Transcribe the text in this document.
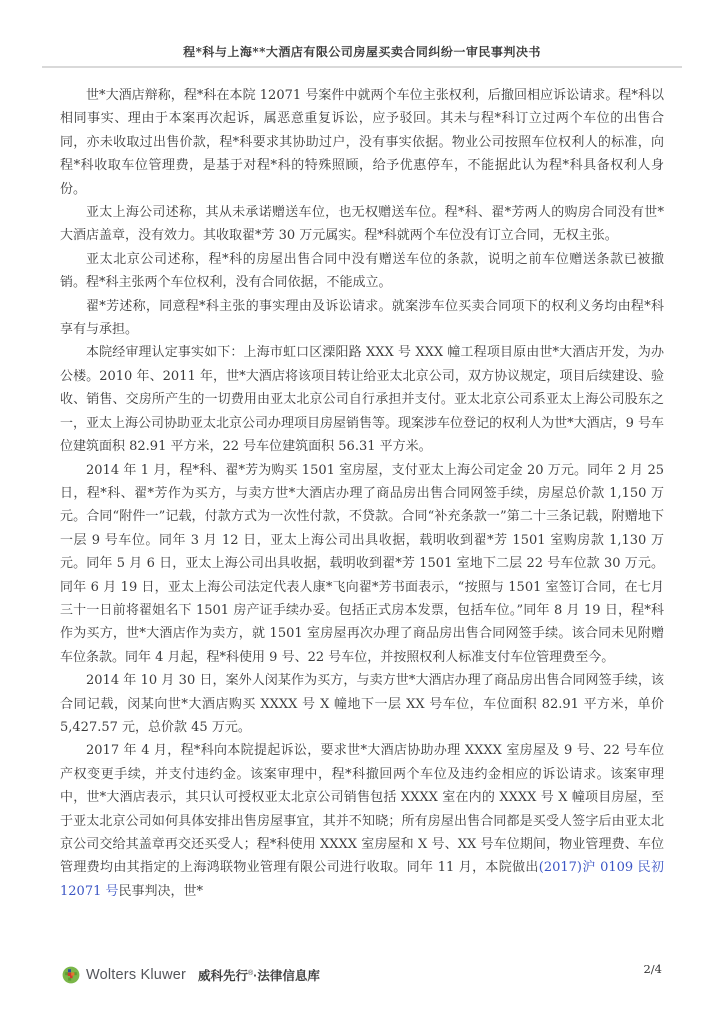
程*科与上海**大酒店有限公司房屋买卖合同纠纷一审民事判决书

世*大酒店辩称，程*科在本院 12071 号案件中就两个车位主张权利，后撤回相应诉讼请求。程*科以相同事实、理由于本案再次起诉，属恶意重复诉讼，应予驳回。其未与程*科订立过两个车位的出售合同，亦未收取过出售价款，程*科要求其协助过户，没有事实依据。物业公司按照车位权利人的标准，向程*科收取车位管理费，是基于对程*科的特殊照顾，给予优惠停车，不能据此认为程*科具备权利人身份。

亚太上海公司述称，其从未承诺赠送车位，也无权赠送车位。程*科、翟*芳两人的购房合同没有世*大酒店盖章，没有效力。其收取翟*芳 30 万元属实。程*科就两个车位没有订立合同，无权主张。

亚太北京公司述称，程*科的房屋出售合同中没有赠送车位的条款，说明之前车位赠送条款已被撤销。程*科主张两个车位权利，没有合同依据，不能成立。

翟*芳述称，同意程*科主张的事实理由及诉讼请求。就案涉车位买卖合同项下的权利义务均由程*科享有与承担。

本院经审理认定事实如下：上海市虹口区溧阳路 XXX 号 XXX 幢工程项目原由世*大酒店开发，为办公楼。2010 年、2011 年，世*大酒店将该项目转让给亚太北京公司，双方协议规定，项目后续建设、验收、销售、交房所产生的一切费用由亚太北京公司自行承担并支付。亚太北京公司系亚太上海公司股东之一，亚太上海公司协助亚太北京公司办理项目房屋销售等。现案涉车位登记的权利人为世*大酒店，9 号车位建筑面积 82.91 平方米，22 号车位建筑面积 56.31 平方米。

2014 年 1 月，程*科、翟*芳为购买 1501 室房屋，支付亚太上海公司定金 20 万元。同年 2 月 25 日，程*科、翟*芳作为买方，与卖方世*大酒店办理了商品房出售合同网签手续，房屋总价款 1,150 万元。合同“附件一”记载，付款方式为一次性付款，不贷款。合同“补充条款一”第二十三条记载，附赠地下一层 9 号车位。同年 3 月 12 日，亚太上海公司出具收据，载明收到翟*芳 1501 室购房款 1,130 万元。同年 5 月 6 日，亚太上海公司出具收据，载明收到翟*芳 1501 室地下二层 22 号车位款 30 万元。同年 6 月 19 日，亚太上海公司法定代表人康*飞向翟*芳书面表示，“按照与 1501 室签订合同，在七月三十一日前将翟姐名下 1501 房产证手续办妥。包括正式房本发票，包括车位。”同年 8 月 19 日，程*科作为买方，世*大酒店作为卖方，就 1501 室房屋再次办理了商品房出售合同网签手续。该合同未见附赠车位条款。同年 4 月起，程*科使用 9 号、22 号车位，并按照权利人标准支付车位管理费至今。

2014 年 10 月 30 日，案外人闵某作为买方，与卖方世*大酒店办理了商品房出售合同网签手续，该合同记载，闵某向世*大酒店购买 XXXX 号 X 幢地下一层 XX 号车位，车位面积 82.91 平方米，单价 5,427.57 元，总价款 45 万元。

2017 年 4 月，程*科向本院提起诉讼，要求世*大酒店协助办理 XXXX 室房屋及 9 号、22 号车位产权变更手续，并支付违约金。该案审理中，程*科撤回两个车位及违约金相应的诉讼请求。该案审理中，世*大酒店表示，其只认可授权亚太北京公司销售包括 XXXX 室在内的 XXXX 号 X 幢项目房屋，至于亚太北京公司如何具体安排出售房屋事宜，其并不知晓；所有房屋出售合同都是买受人签字后由亚太北京公司交给其盖章再交还买受人；程*科使用 XXXX 室房屋和 X 号、XX 号车位期间，物业管理费、车位管理费均由其指定的上海鸿联物业管理有限公司进行收取。同年 11 月，本院做出(2017)沪 0109 民初 12071 号民事判决，世*

Wolters Kluwer 威科先行®·法律信息库	2/4
